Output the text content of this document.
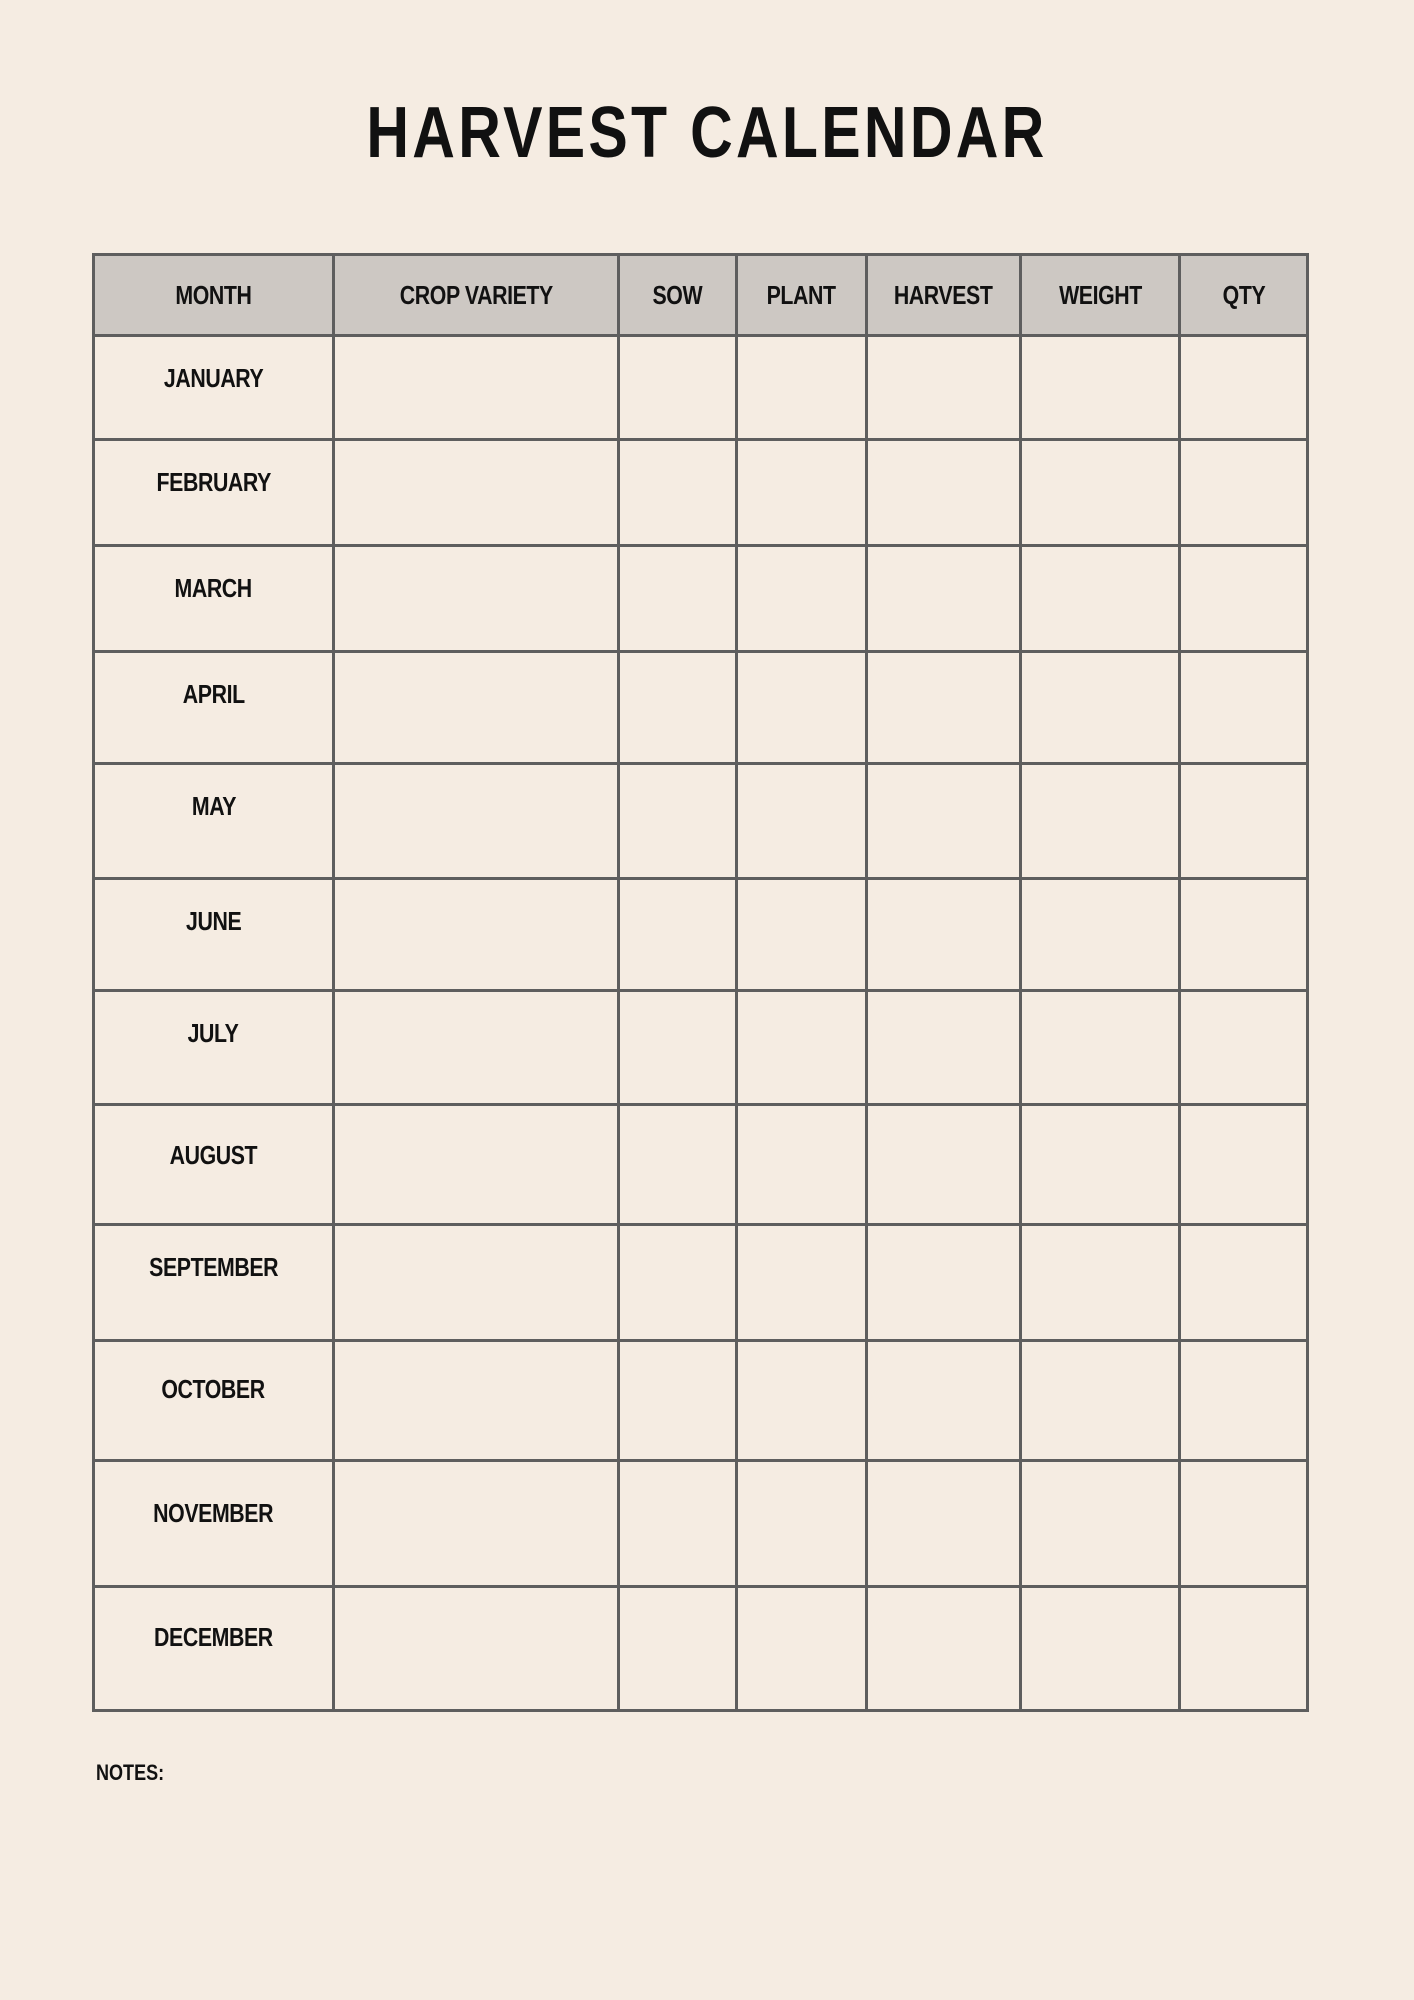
HARVEST CALENDAR
MONTH	CROP VARIETY	SOW	PLANT	HARVEST	WEIGHT	QTY
JANUARY						
FEBRUARY						
MARCH						
APRIL						
MAY						
JUNE						
JULY						
AUGUST						
SEPTEMBER						
OCTOBER						
NOVEMBER						
DECEMBER						
NOTES:
